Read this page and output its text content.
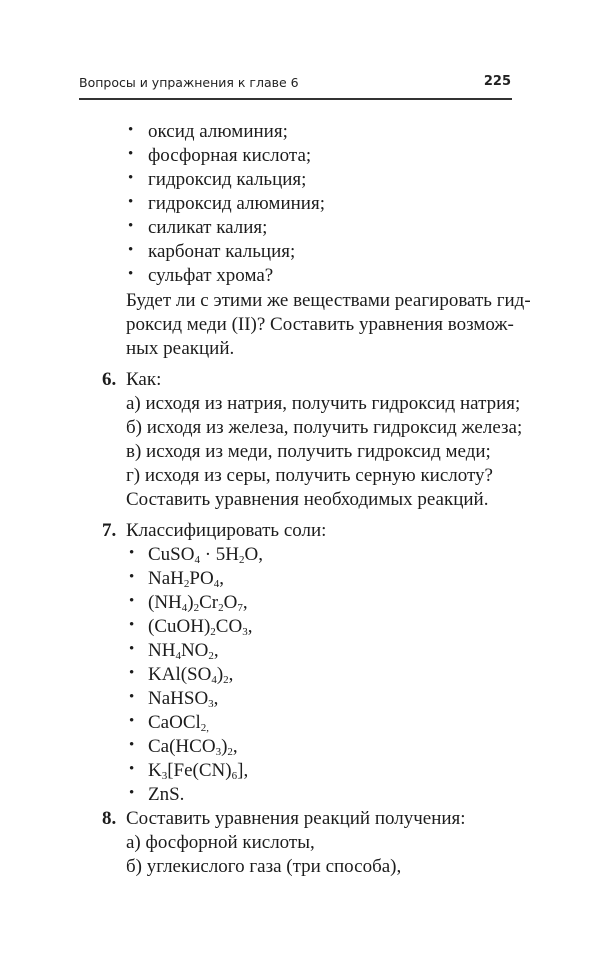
Вопросы и упражнения к главе 6	225
• оксид алюминия;
• фосфорная кислота;
• гидроксид кальция;
• гидроксид алюминия;
• силикат калия;
• карбонат кальция;
• сульфат хрома?
Будет ли с этими же веществами реагировать гид-
роксид меди (II)? Составить уравнения возмож-
ных реакций.
6. Как:
а) исходя из натрия, получить гидроксид натрия;
б) исходя из железа, получить гидроксид железа;
в) исходя из меди, получить гидроксид меди;
г) исходя из серы, получить серную кислоту?
Составить уравнения необходимых реакций.
7. Классифицировать соли:
• CuSO$_4$ · $5H_2O$,
• $NaH_2PO_4$,
• $(NH_4)_2Cr_2O_7$,
• $(CuOH)_2CO_3$,
• $NH_4NO_2$,
• $KAl(SO_4)_2$,
• NaHSO$_3$,
• CaOCl$_{2,}$
• $Ca(HCO_3)_2$,
• $K_3[Fe(CN)_6]$,
• ZnS.
8. Составить уравнения реакций получения:
а) фосфорной кислоты,
б) углекислого газа (три способа),
